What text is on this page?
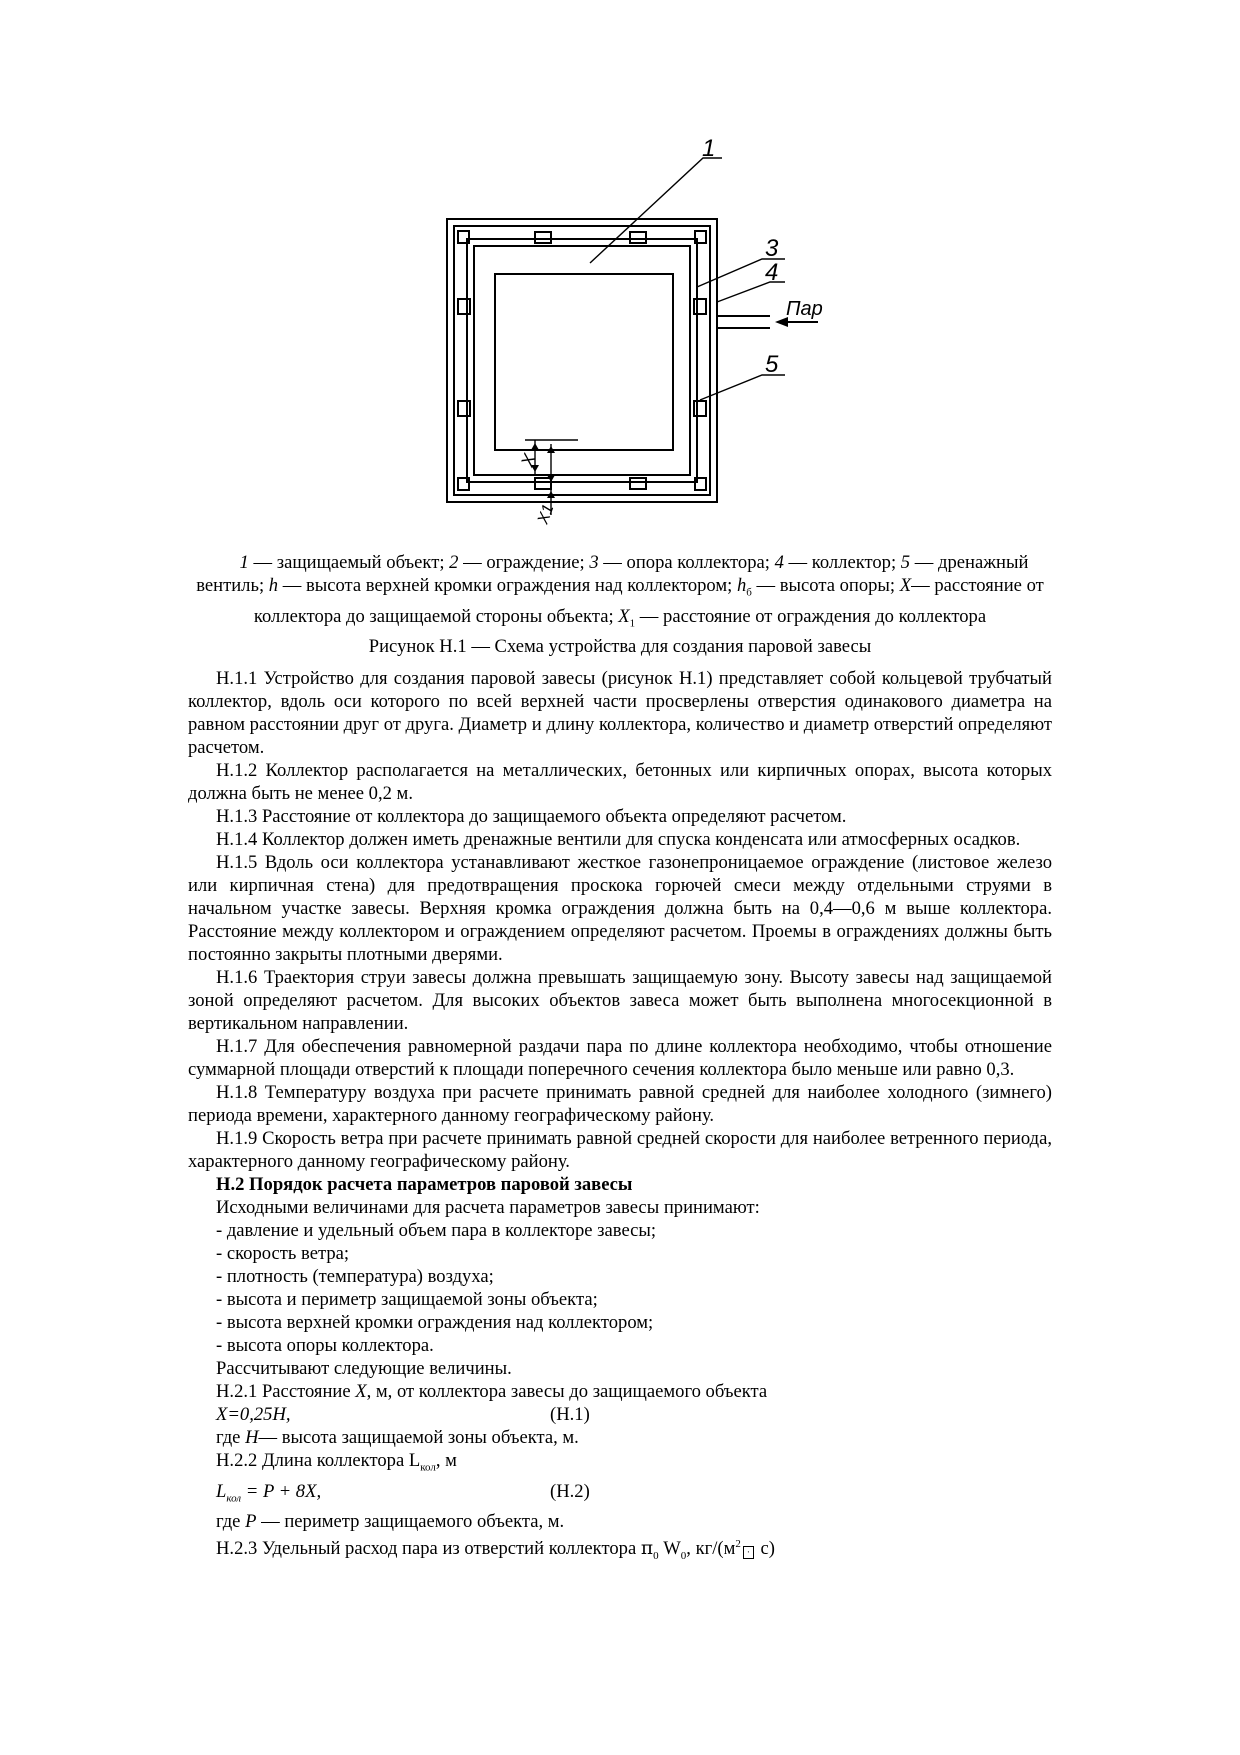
1
3
4
5
Пар
X
X1
1 — защищаемый объект; 2 — ограждение; 3 — опора коллектора; 4 — коллектор; 5 — дренажный вентиль; h — высота верхней кромки ограждения над коллектором; $h_б$ — высота опоры; X— расстояние от коллектора до защищаемой стороны объекта; $X_1$ — расстояние от ограждения до коллектора
Рисунок Н.1 — Схема устройства для создания паровой завесы

Н.1.1 Устройство для создания паровой завесы (рисунок Н.1) представляет собой кольцевой трубчатый коллектор, вдоль оси которого по всей верхней части просверлены отверстия одинакового диаметра на равном расстоянии друг от друга. Диаметр и длину коллектора, количество и диаметр отверстий определяют расчетом.

Н.1.2 Коллектор располагается на металлических, бетонных или кирпичных опорах, высота которых должна быть не менее 0,2 м.

Н.1.3 Расстояние от коллектора до защищаемого объекта определяют расчетом.

Н.1.4 Коллектор должен иметь дренажные вентили для спуска конденсата или атмосферных осадков.

Н.1.5 Вдоль оси коллектора устанавливают жесткое газонепроницаемое ограждение (листовое железо или кирпичная стена) для предотвращения проскока горючей смеси между отдельными струями в начальном участке завесы. Верхняя кромка ограждения должна быть на 0,4—0,6 м выше коллектора. Расстояние между коллектором и ограждением определяют расчетом. Проемы в ограждениях должны быть постоянно закрыты плотными дверями.

Н.1.6 Траектория струи завесы должна превышать защищаемую зону. Высоту завесы над защищаемой зоной определяют расчетом. Для высоких объектов завеса может быть выполнена многосекционной в вертикальном направлении.

Н.1.7 Для обеспечения равномерной раздачи пара по длине коллектора необходимо, чтобы отношение суммарной площади отверстий к площади поперечного сечения коллектора было меньше или равно 0,3.

Н.1.8 Температуру воздуха при расчете принимать равной средней для наиболее холодного (зимнего) периода времени, характерного данному географическому району.

Н.1.9 Скорость ветра при расчете принимать равной средней скорости для наиболее ветренного периода, характерного данному географическому району.

Н.2 Порядок расчета параметров паровой завесы

Исходными величинами для расчета параметров завесы принимают:

- давление и удельный объем пара в коллекторе завесы;

- скорость ветра;

- плотность (температура) воздуха;

- высота и периметр защищаемой зоны объекта;

- высота верхней кромки ограждения над коллектором;

- высота опоры коллектора.

Рассчитывают следующие величины.

Н.2.1 Расстояние X, м, от коллектора завесы до защищаемого объекта

X=0,25H,	(Н.1)

где H— высота защищаемой зоны объекта, м.

Н.2.2 Длина коллектора $L_{кол}$, м

$L_{кол} = P + 8X$,	(Н.2)

где P — периметр защищаемого объекта, м.

Н.2.3 Удельный расход пара из отверстий коллектора $\pi_0$ $W_0$, $кг/(м^2\cdot с)$
